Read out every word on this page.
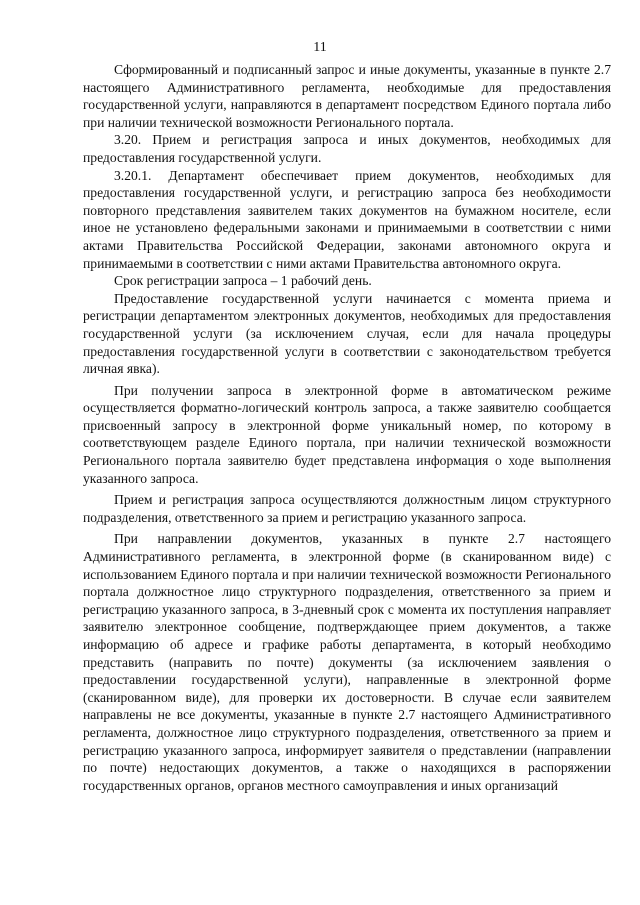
11

Сформированный и подписанный запрос и иные документы, указанные в пункте 2.7 настоящего Административного регламента, необходимые для предоставления государственной услуги, направляются в департамент посредством Единого портала либо при наличии технической возможности Регионального портала.

3.20. Прием и регистрация запроса и иных документов, необходимых для предоставления государственной услуги.

3.20.1. Департамент обеспечивает прием документов, необходимых для предоставления государственной услуги, и регистрацию запроса без необходимости повторного представления заявителем таких документов на бумажном носителе, если иное не установлено федеральными законами и принимаемыми в соответствии с ними актами Правительства Российской Федерации, законами автономного округа и принимаемыми в соответствии с ними актами Правительства автономного округа.

Срок регистрации запроса – 1 рабочий день.

Предоставление государственной услуги начинается с момента приема и регистрации департаментом электронных документов, необходимых для предоставления государственной услуги (за исключением случая, если для начала процедуры предоставления государственной услуги в соответствии с законодательством требуется личная явка).

При получении запроса в электронной форме в автоматическом режиме осуществляется форматно-логический контроль запроса, а также заявителю сообщается присвоенный запросу в электронной форме уникальный номер, по которому в соответствующем разделе Единого портала, при наличии технической возможности Регионального портала заявителю будет представлена информация о ходе выполнения указанного запроса.

Прием и регистрация запроса осуществляются должностным лицом структурного подразделения, ответственного за прием и регистрацию указанного запроса.

При направлении документов, указанных в пункте 2.7 настоящего Административного регламента, в электронной форме (в сканированном виде) с использованием Единого портала и при наличии технической возможности Регионального портала должностное лицо структурного подразделения, ответственного за прием и регистрацию указанного запроса, в 3-дневный срок с момента их поступления направляет заявителю электронное сообщение, подтверждающее прием документов, а также информацию об адресе и графике работы департамента, в который необходимо представить (направить по почте) документы (за исключением заявления о предоставлении государственной услуги), направленные в электронной форме (сканированном виде), для проверки их достоверности. В случае если заявителем направлены не все документы, указанные в пункте 2.7 настоящего Административного регламента, должностное лицо структурного подразделения, ответственного за прием и регистрацию указанного запроса, информирует заявителя о представлении (направлении по почте) недостающих документов, а также о находящихся в распоряжении государственных органов, органов местного самоуправления и иных организаций
